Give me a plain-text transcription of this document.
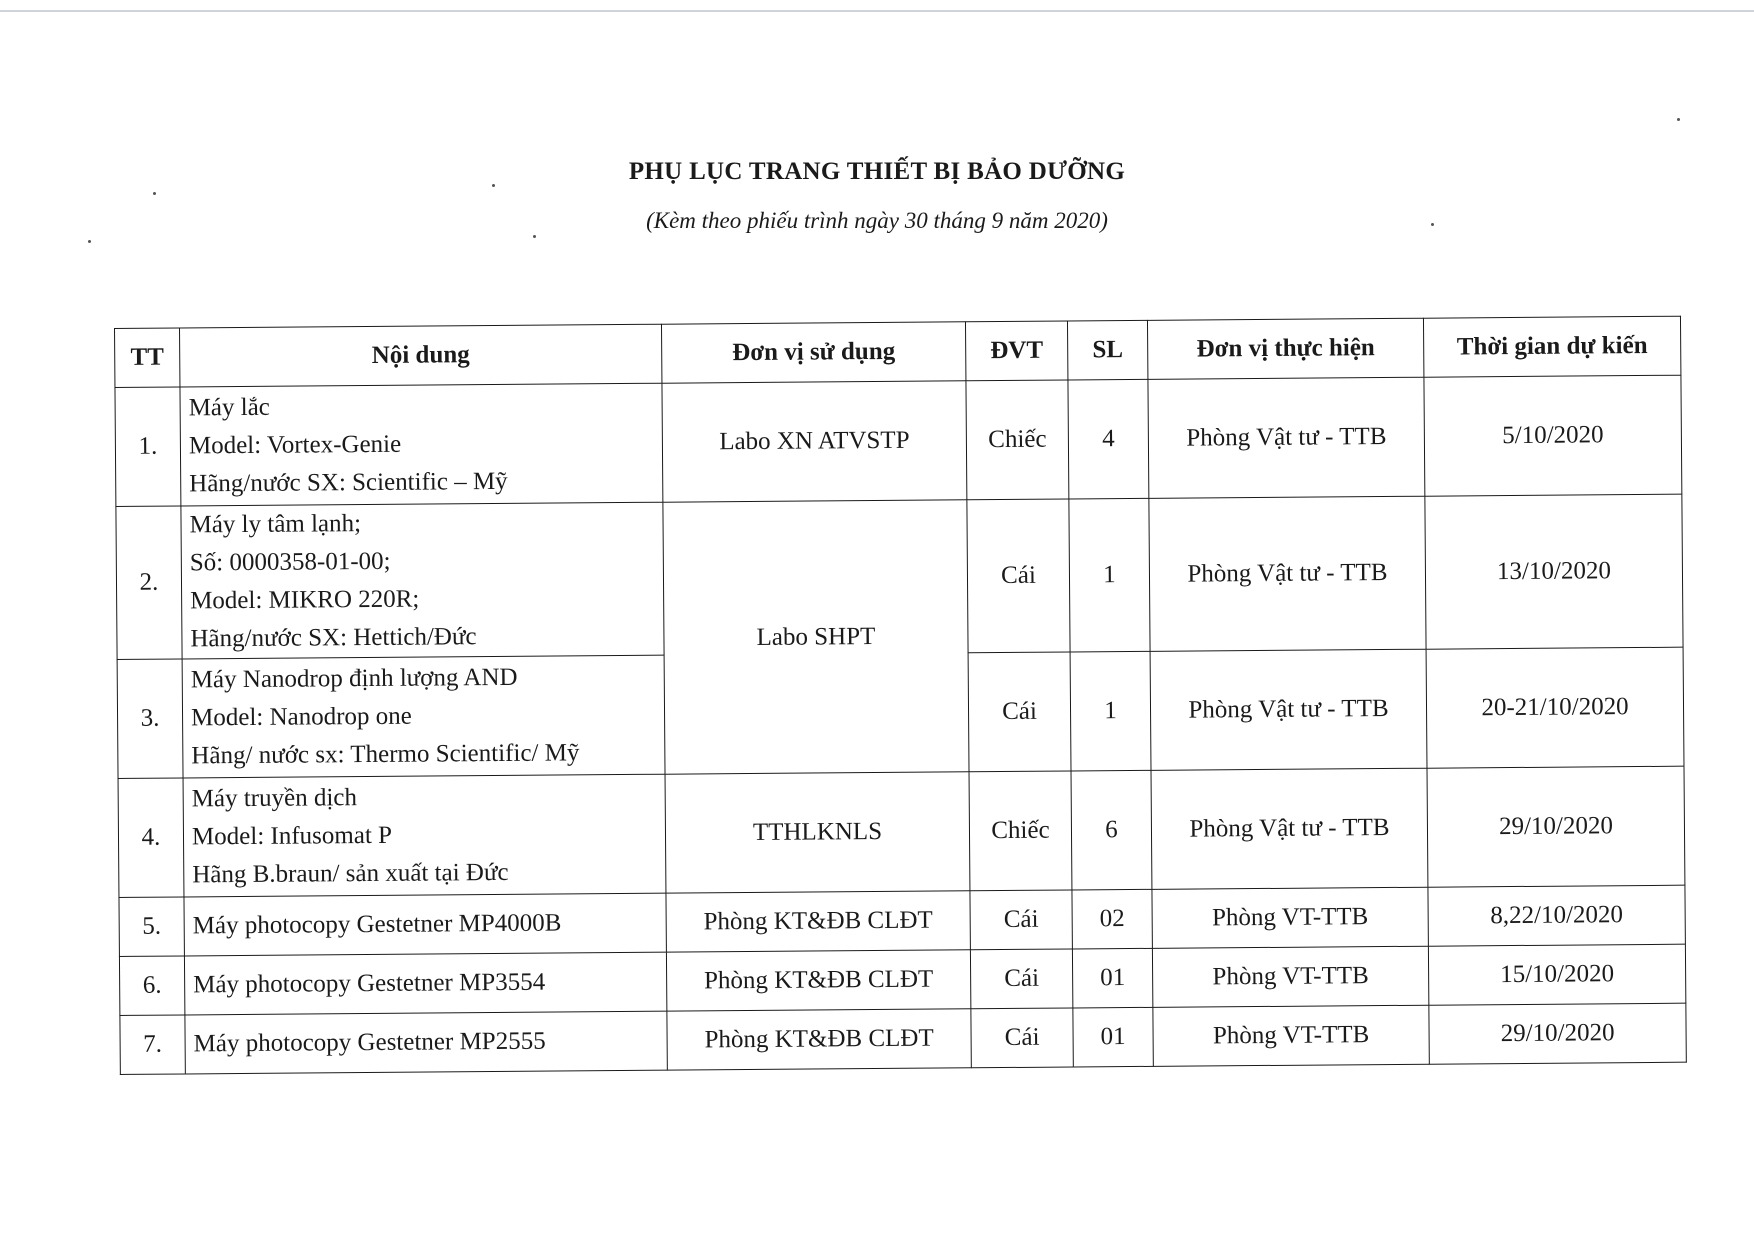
PHỤ LỤC TRANG THIẾT BỊ BẢO DƯỠNG
(Kèm theo phiếu trình ngày 30 tháng 9 năm 2020)
TT	Nội dung	Đơn vị sử dụng	ĐVT	SL	Đơn vị thực hiện	Thời gian dự kiến
1.	Máy lắc
Model: Vortex-Genie
Hãng/nước SX: Scientific – Mỹ	Labo XN ATVSTP	Chiếc	4	Phòng Vật tư - TTB	5/10/2020
2.	Máy ly tâm lạnh;
Số: 0000358-01-00;
Model: MIKRO 220R;
Hãng/nước SX: Hettich/Đức	Labo SHPT	Cái	1	Phòng Vật tư - TTB	13/10/2020
3.	Máy Nanodrop định lượng AND
Model: Nanodrop one
Hãng/ nước sx: Thermo Scientific/ Mỹ		Cái	1	Phòng Vật tư - TTB	20-21/10/2020
4.	Máy truyền dịch
Model: Infusomat P
Hãng B.braun/ sản xuất tại Đức	TTHLKNLS	Chiếc	6	Phòng Vật tư - TTB	29/10/2020
5.	Máy photocopy Gestetner MP4000B	Phòng KT&ĐB CLĐT	Cái	02	Phòng VT-TTB	8,22/10/2020
6.	Máy photocopy Gestetner MP3554	Phòng KT&ĐB CLĐT	Cái	01	Phòng VT-TTB	15/10/2020
7.	Máy photocopy Gestetner MP2555	Phòng KT&ĐB CLĐT	Cái	01	Phòng VT-TTB	29/10/2020
